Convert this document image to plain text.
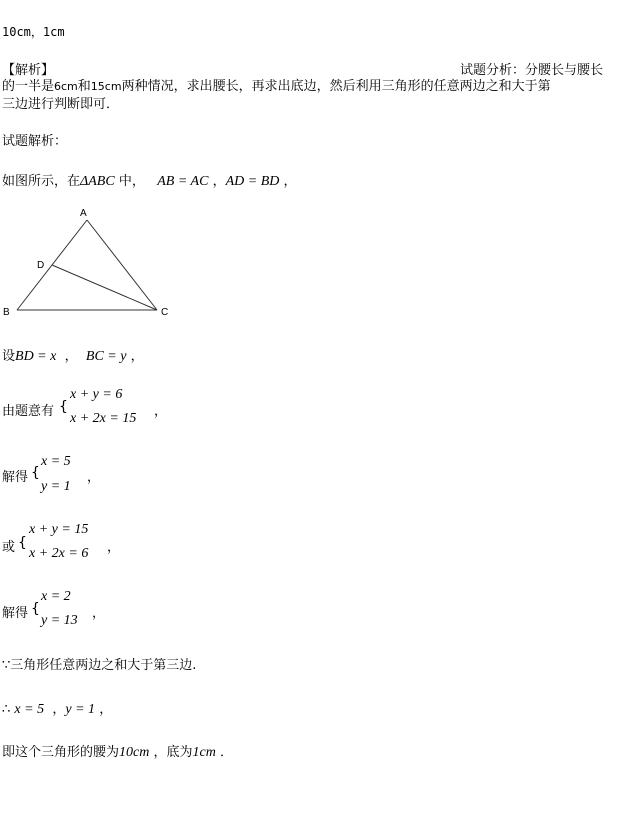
10cm，1cm
【解析】	试题分析：分腰长与腰长
的一半是6cm和15cm两种情况，求出腰长，再求出底边，然后利用三角形的任意两边之和大于第
三边进行判断即可．
试题解析：
如图所示，在ΔABC 中， AB = AC ，AD = BD ，
A
B	C
D
设BD = x ， BC = y ，
由题意有 {
x + y = 6
x + 2x = 15 ，
解得 {
x = 5
y = 1
，
或 {
x + y = 15
x + 2x = 6 ，
解得 {
x = 2
y = 13 ，
∵三角形任意两边之和大于第三边.
∴ x = 5 ，y = 1 ，
即这个三角形的腰为10cm ，底为1cm ．
